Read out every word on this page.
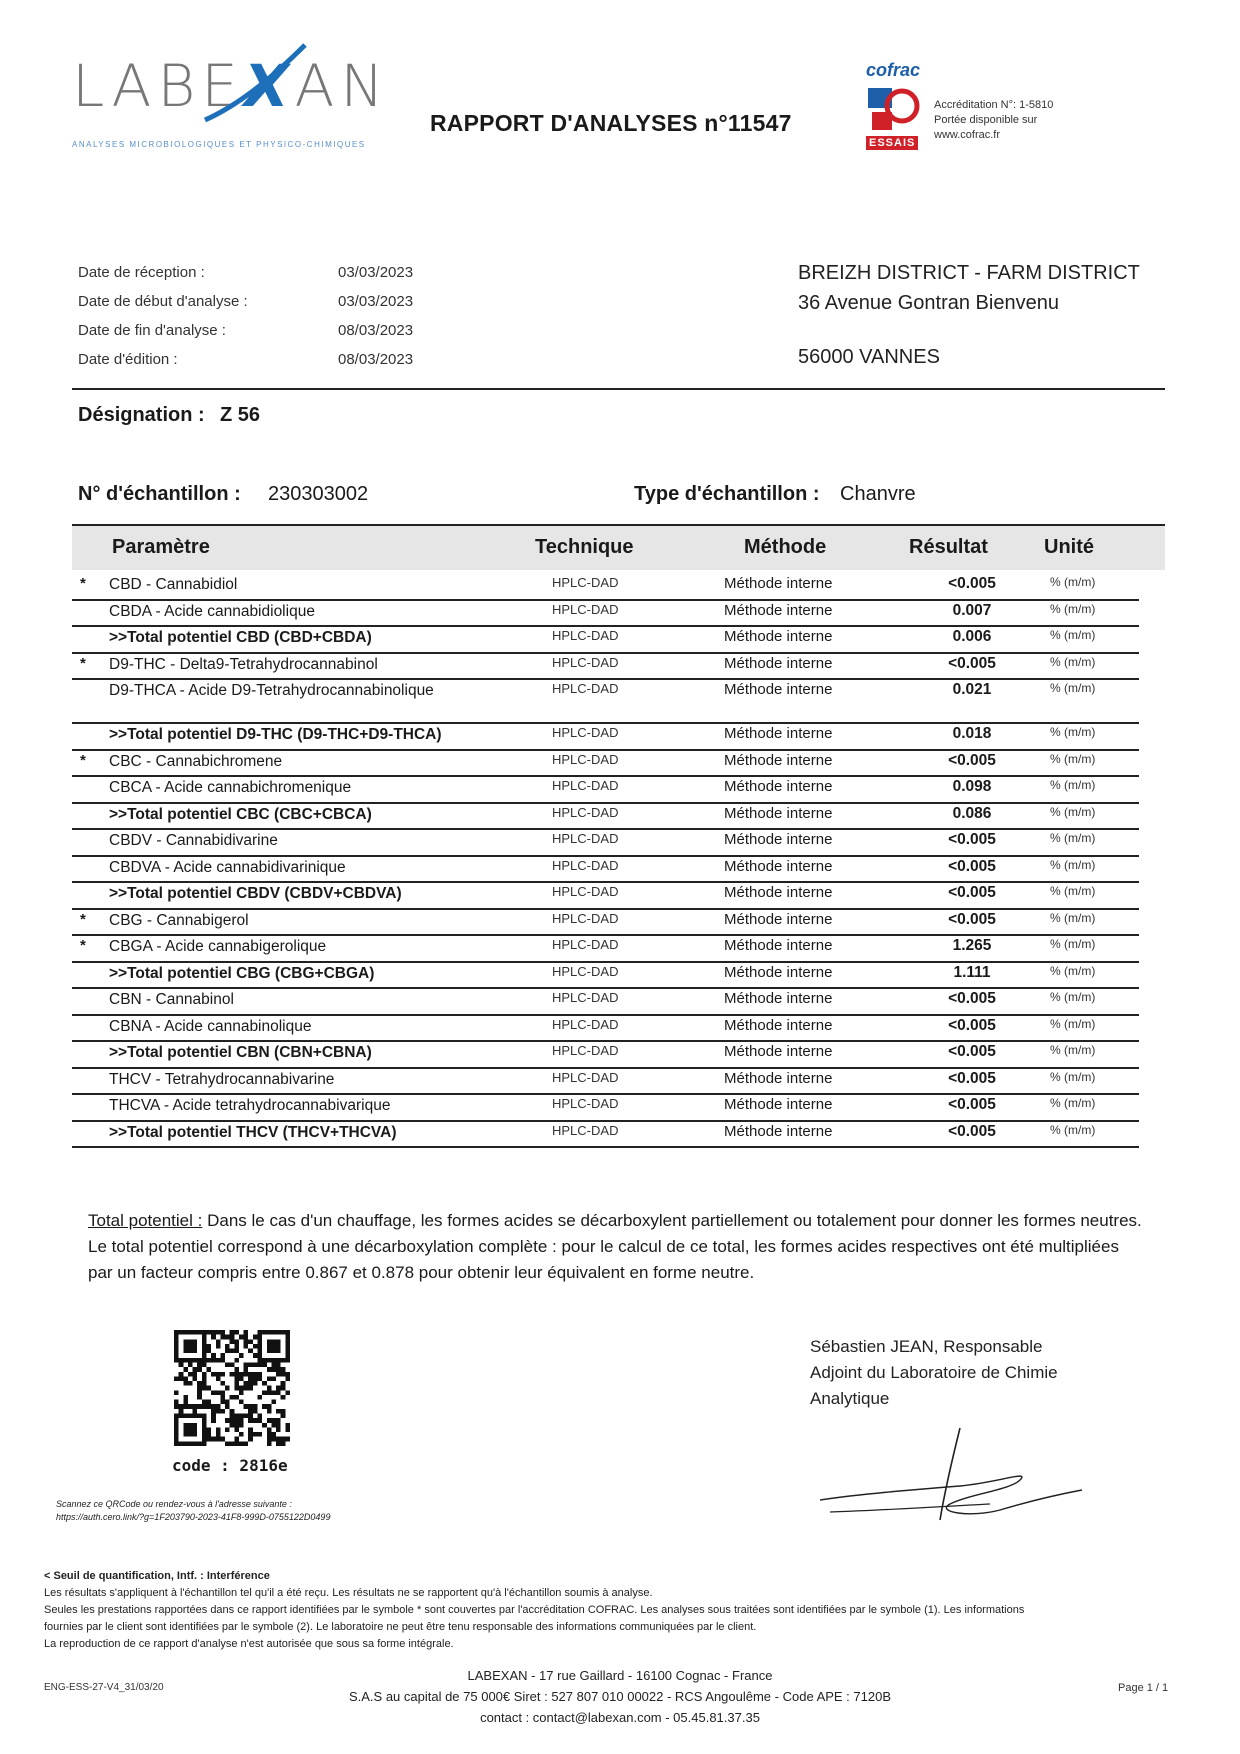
LABEXAN
ANALYSES MICROBIOLOGIQUES ET PHYSICO-CHIMIQUES
RAPPORT D'ANALYSES n°11547
cofrac
ESSAIS
Accréditation N°: 1-5810
Portée disponible sur
www.cofrac.fr
Date de réception :	03/03/2023
Date de début d'analyse :	03/03/2023
Date de fin d'analyse :	08/03/2023
Date d'édition :	08/03/2023
BREIZH DISTRICT - FARM DISTRICT
36 Avenue Gontran Bienvenu
56000 VANNES
Désignation : Z 56
N° d'échantillon : 230303002	Type d'échantillon : Chanvre
Paramètre	Technique	Méthode	Résultat	Unité
* CBD - Cannabidiol	HPLC-DAD	Méthode interne	<0.005	% (m/m)
CBDA - Acide cannabidiolique	HPLC-DAD	Méthode interne	0.007	% (m/m)
>>Total potentiel CBD (CBD+CBDA)	HPLC-DAD	Méthode interne	0.006	% (m/m)
* D9-THC - Delta9-Tetrahydrocannabinol	HPLC-DAD	Méthode interne	<0.005	% (m/m)
D9-THCA - Acide D9-Tetrahydrocannabinolique	HPLC-DAD	Méthode interne	0.021	% (m/m)
>>Total potentiel D9-THC (D9-THC+D9-THCA)	HPLC-DAD	Méthode interne	0.018	% (m/m)
* CBC - Cannabichromene	HPLC-DAD	Méthode interne	<0.005	% (m/m)
CBCA - Acide cannabichromenique	HPLC-DAD	Méthode interne	0.098	% (m/m)
>>Total potentiel CBC (CBC+CBCA)	HPLC-DAD	Méthode interne	0.086	% (m/m)
CBDV - Cannabidivarine	HPLC-DAD	Méthode interne	<0.005	% (m/m)
CBDVA - Acide cannabidivarinique	HPLC-DAD	Méthode interne	<0.005	% (m/m)
>>Total potentiel CBDV (CBDV+CBDVA)	HPLC-DAD	Méthode interne	<0.005	% (m/m)
* CBG - Cannabigerol	HPLC-DAD	Méthode interne	<0.005	% (m/m)
* CBGA - Acide cannabigerolique	HPLC-DAD	Méthode interne	1.265	% (m/m)
>>Total potentiel CBG (CBG+CBGA)	HPLC-DAD	Méthode interne	1.111	% (m/m)
CBN - Cannabinol	HPLC-DAD	Méthode interne	<0.005	% (m/m)
CBNA - Acide cannabinolique	HPLC-DAD	Méthode interne	<0.005	% (m/m)
>>Total potentiel CBN (CBN+CBNA)	HPLC-DAD	Méthode interne	<0.005	% (m/m)
THCV - Tetrahydrocannabivarine	HPLC-DAD	Méthode interne	<0.005	% (m/m)
THCVA - Acide tetrahydrocannabivarique	HPLC-DAD	Méthode interne	<0.005	% (m/m)
>>Total potentiel THCV (THCV+THCVA)	HPLC-DAD	Méthode interne	<0.005	% (m/m)
Total potentiel : Dans le cas d'un chauffage, les formes acides se décarboxylent partiellement ou totalement pour donner les formes neutres. Le total potentiel correspond à une décarboxylation complète : pour le calcul de ce total, les formes acides respectives ont été multipliées par un facteur compris entre 0.867 et 0.878 pour obtenir leur équivalent en forme neutre.
code : 2816e
Scannez ce QRCode ou rendez-vous à l'adresse suivante :
https://auth.cero.link/?g=1F203790-2023-41F8-999D-0755122D0499
Sébastien JEAN, Responsable
Adjoint du Laboratoire de Chimie
Analytique
< Seuil de quantification, Intf. : Interférence
Les résultats s'appliquent à l'échantillon tel qu'il a été reçu. Les résultats ne se rapportent qu'à l'échantillon soumis à analyse.
Seules les prestations rapportées dans ce rapport identifiées par le symbole * sont couvertes par l'accréditation COFRAC. Les analyses sous traitées sont identifiées par le symbole (1). Les informations
fournies par le client sont identifiées par le symbole (2). Le laboratoire ne peut être tenu responsable des informations communiquées par le client.
La reproduction de ce rapport d'analyse n'est autorisée que sous sa forme intégrale.
LABEXAN - 17 rue Gaillard - 16100 Cognac - France
S.A.S au capital de 75 000€ Siret : 527 807 010 00022 - RCS Angoulême - Code APE : 7120B
contact : contact@labexan.com - 05.45.81.37.35
ENG-ESS-27-V4_31/03/20	Page 1 / 1
